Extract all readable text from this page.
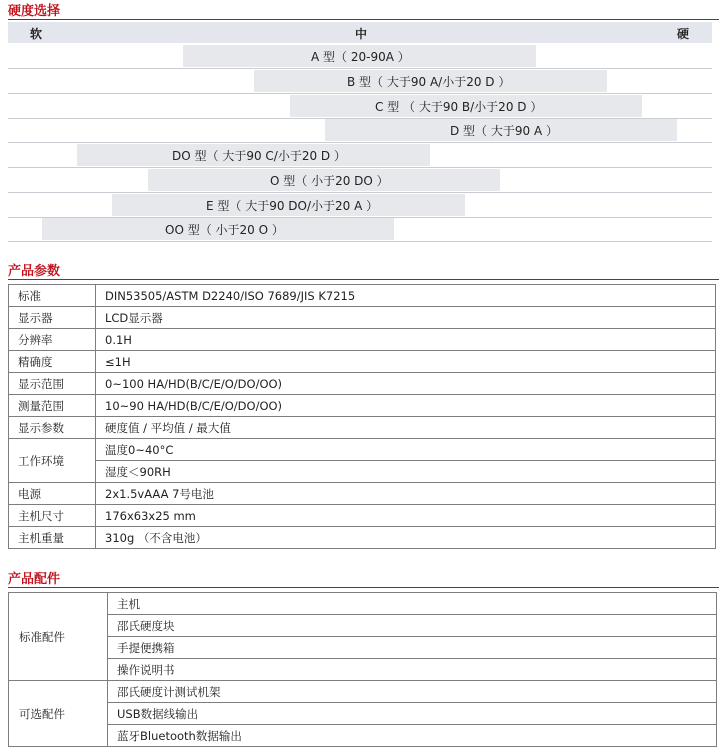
硬度选择
软	中	硬
A 型（ 20-90A ）
B 型（ 大于90 A/小于20 D ）
C 型 （ 大于90 B/小于20 D ）
D 型（ 大于90 A ）
DO 型（ 大于90 C/小于20 D ）
O 型（ 小于20 DO ）
E 型（ 大于90 DO/小于20 A ）
OO 型（ 小于20 O ）
产品参数
标准	DIN53505/ASTM D2240/ISO 7689/JIS K7215
显示器	LCD显示器
分辨率	0.1H
精确度	≤1H
显示范围	0~100 HA/HD(B/C/E/O/DO/OO)
测量范围	10~90 HA/HD(B/C/E/O/DO/OO)
显示参数	硬度值 / 平均值 / 最大值
工作环境	温度0~40°C
	湿度＜90RH
电源	2x1.5vAAA 7号电池
主机尺寸	176x63x25 mm
主机重量	310g （不含电池）
产品配件
标准配件	主机
	邵氏硬度块
	手提便携箱
	操作说明书
可选配件	邵氏硬度计测试机架
	USB数据线输出
	蓝牙Bluetooth数据输出
